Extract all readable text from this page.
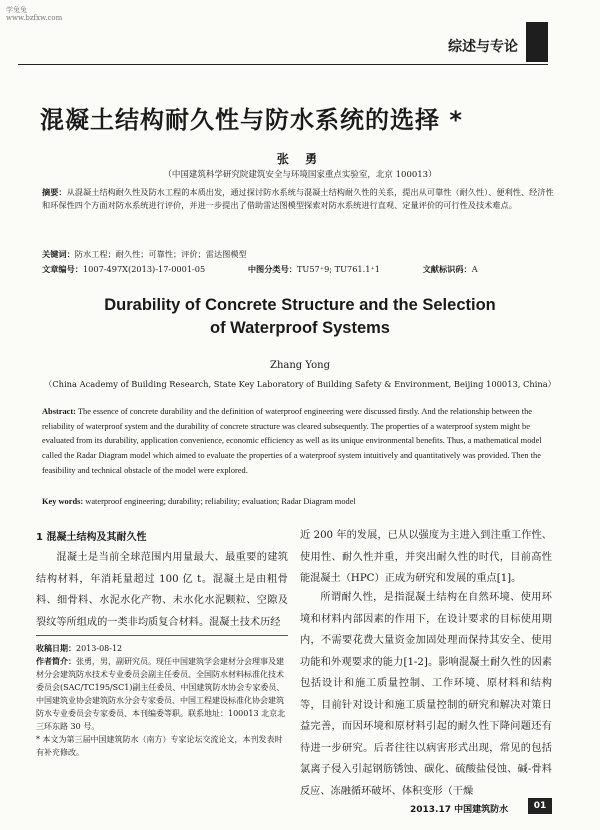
学兔兔 www.bzfxw.com
综述与专论
混凝土结构耐久性与防水系统的选择 *
张 勇
（中国建筑科学研究院建筑安全与环境国家重点实验室，北京 100013）
摘要：从混凝土结构耐久性及防水工程的本质出发，通过探讨防水系统与混凝土结构耐久性的关系，提出从可靠性（耐久性）、便利性、经济性和环保性四个方面对防水系统进行评价，并进一步提出了借助雷达图模型探索对防水系统进行直观、定量评价的可行性及技术难点。
关键词：防水工程；耐久性；可靠性；评价；雷达图模型
文章编号：1007-497X(2013)-17-0001-05	中图分类号：TU57⁺9; TU761.1⁺1	文献标识码：A
Durability of Concrete Structure and the Selection
of Waterproof Systems
Zhang Yong
（China Academy of Building Research, State Key Laboratory of Building Safety & Environment, Beijing 100013, China）
Abstract: The essence of concrete durability and the definition of waterproof engineering were discussed firstly. And the relationship between the reliability of waterproof system and the durability of concrete structure was cleared subsequently. The properties of a waterproof system might be evaluated from its durability, application convenience, economic efficiency as well as its unique environmental benefits. Thus, a mathematical model called the Radar Diagram model which aimed to evaluate the properties of a waterproof system intuitively and quantitatively was provided. Then the feasibility and technical obstacle of the model were explored.
Key words: waterproof engineering; durability; reliability; evaluation; Radar Diagram model
1 混凝土结构及其耐久性
混凝土是当前全球范围内用量最大、最重要的建筑结构材料，年消耗量超过 100 亿 t。混凝土是由粗骨料、细骨料、水泥水化产物、未水化水泥颗粒、空隙及裂纹等所组成的一类非均质复合材料。混凝土技术历经
近 200 年的发展，已从以强度为主进入到注重工作性、使用性、耐久性并重，并突出耐久性的时代，目前高性能混凝土（HPC）正成为研究和发展的重点[1]。
所谓耐久性，是指混凝土结构在自然环境、使用环境和材料内部因素的作用下，在设计要求的目标使用期内，不需要花费大量资金加固处理而保持其安全、使用功能和外观要求的能力[1-2]。影响混凝土耐久性的因素包括设计和施工质量控制、工作环境、原材料和结构等，目前针对设计和施工质量控制的研究和解决对策日益完善，而因环境和原材料引起的耐久性下降问题还有待进一步研究。后者往往以病害形式出现，常见的包括氯离子侵入引起钢筋锈蚀、碳化、硫酸盐侵蚀、碱-骨料反应、冻融循环破坏、体积变形（干燥
收稿日期：2013-08-12
作者简介：张勇，男，副研究员。现任中国建筑学会建材分会理事及建材分会建筑防水技术专业委员会副主任委员、全国防水材料标准化技术委员会(SAC/TC195/SC1)副主任委员、中国建筑防水协会专家委员、中国建筑业协会建筑防水分会专家委员、中国工程建设标准化协会建筑防水专业委员会专家委员、本刊编委等职。联系地址：100013 北京北三环东路 30 号。
* 本文为第三届中国建筑防水（南方）专家论坛交流论文，本刊发表时有补充修改。
2013.17 中国建筑防水	01
